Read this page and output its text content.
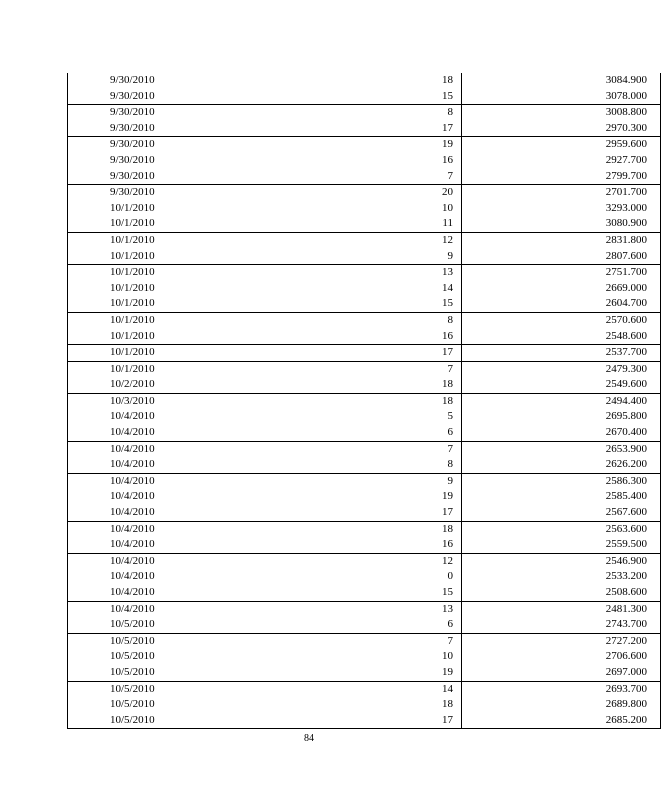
9/30/2010	18	3084.900
9/30/2010	15	3078.000
9/30/2010	8	3008.800
9/30/2010	17	2970.300
9/30/2010	19	2959.600
9/30/2010	16	2927.700
9/30/2010	7	2799.700
9/30/2010	20	2701.700
10/1/2010	10	3293.000
10/1/2010	11	3080.900
10/1/2010	12	2831.800
10/1/2010	9	2807.600
10/1/2010	13	2751.700
10/1/2010	14	2669.000
10/1/2010	15	2604.700
10/1/2010	8	2570.600
10/1/2010	16	2548.600
10/1/2010	17	2537.700
10/1/2010	7	2479.300
10/2/2010	18	2549.600
10/3/2010	18	2494.400
10/4/2010	5	2695.800
10/4/2010	6	2670.400
10/4/2010	7	2653.900
10/4/2010	8	2626.200
10/4/2010	9	2586.300
10/4/2010	19	2585.400
10/4/2010	17	2567.600
10/4/2010	18	2563.600
10/4/2010	16	2559.500
10/4/2010	12	2546.900
10/4/2010	0	2533.200
10/4/2010	15	2508.600
10/4/2010	13	2481.300
10/5/2010	6	2743.700
10/5/2010	7	2727.200
10/5/2010	10	2706.600
10/5/2010	19	2697.000
10/5/2010	14	2693.700
10/5/2010	18	2689.800
10/5/2010	17	2685.200
84
